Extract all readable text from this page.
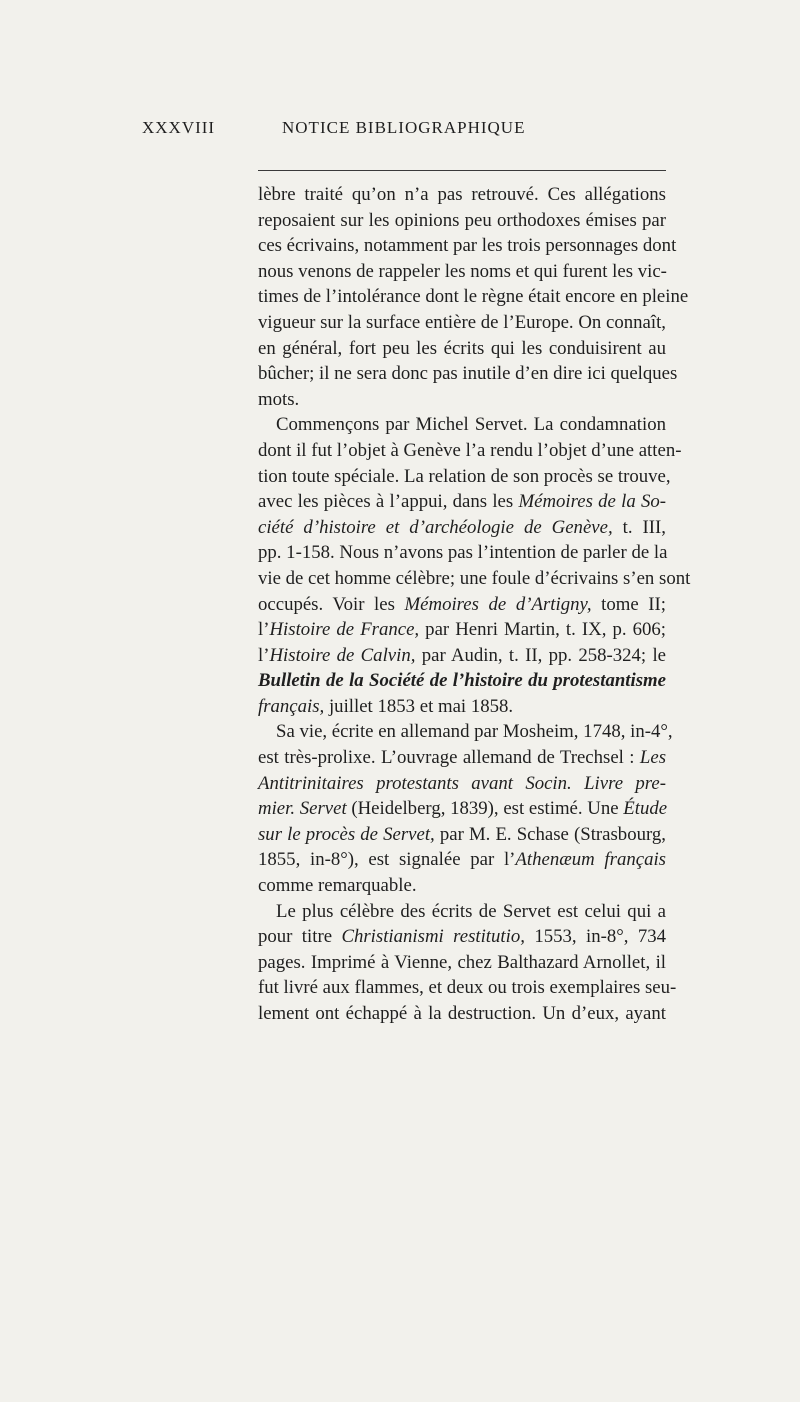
XXXVIII	NOTICE BIBLIOGRAPHIQUE
lèbre traité qu’on n’a pas retrouvé. Ces allégations
reposaient sur les opinions peu orthodoxes émises par
ces écrivains, notamment par les trois personnages dont
nous venons de rappeler les noms et qui furent les vic-
times de l’intolérance dont le règne était encore en pleine
vigueur sur la surface entière de l’Europe. On connaît,
en général, fort peu les écrits qui les conduisirent au
bûcher; il ne sera donc pas inutile d’en dire ici quelques
mots.
Commençons par Michel Servet. La condamnation
dont il fut l’objet à Genève l’a rendu l’objet d’une atten-
tion toute spéciale. La relation de son procès se trouve,
avec les pièces à l’appui, dans les Mémoires de la So-
ciété d’histoire et d’archéologie de Genève, t. III,
pp. 1-158. Nous n’avons pas l’intention de parler de la
vie de cet homme célèbre; une foule d’écrivains s’en sont
occupés. Voir les Mémoires de d’Artigny, tome II;
l’Histoire de France, par Henri Martin, t. IX, p. 606;
l’Histoire de Calvin, par Audin, t. II, pp. 258-324; le
Bulletin de la Société de l’histoire du protestantisme
français, juillet 1853 et mai 1858.
Sa vie, écrite en allemand par Mosheim, 1748, in-4°,
est très-prolixe. L’ouvrage allemand de Trechsel : Les
Antitrinitaires protestants avant Socin. Livre pre-
mier. Servet (Heidelberg, 1839), est estimé. Une Étude
sur le procès de Servet, par M. E. Schase (Strasbourg,
1855, in-8°), est signalée par l’Athenæum français
comme remarquable.
Le plus célèbre des écrits de Servet est celui qui a
pour titre Christianismi restitutio, 1553, in-8°, 734
pages. Imprimé à Vienne, chez Balthazard Arnollet, il
fut livré aux flammes, et deux ou trois exemplaires seu-
lement ont échappé à la destruction. Un d’eux, ayant
